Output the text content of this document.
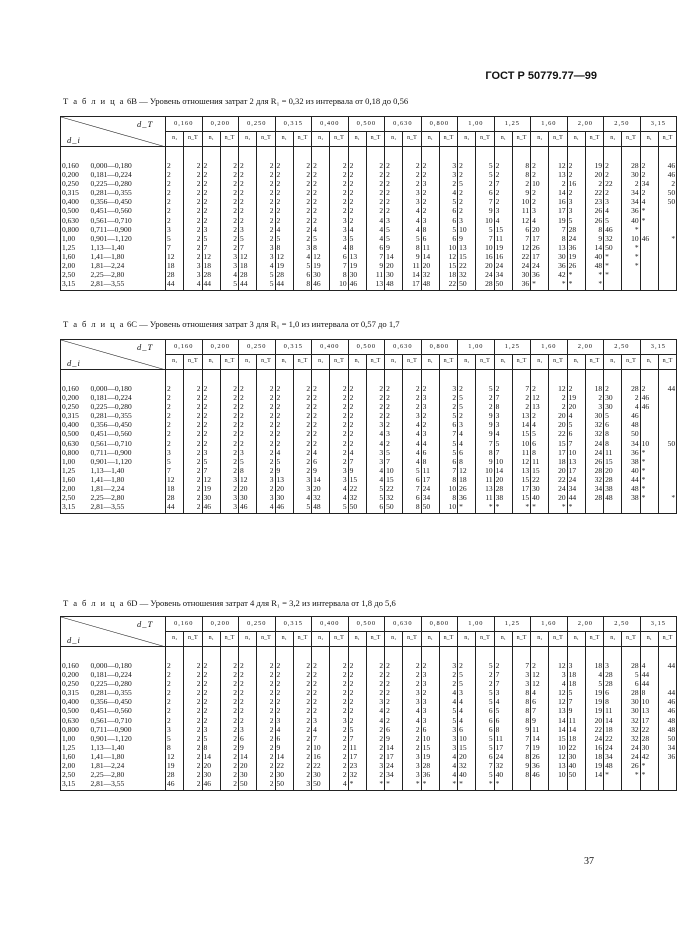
ГОСТ Р 50779.77—99
Т а б л и ц а 6В — Уровень отношения затрат 2 для R₁ = 0,32 из интервала от 0,18 до 0,56
d_T
d_i		0,160		0,200		0,250		0,315		0,400		0,500		0,630		0,800		1,00		1,25		1,60		2,00		2,50		3,15	
		n₁	n_T	n₁	n_T	n₁	n_T	n₁	n_T	n₁	n_T	n₁	n_T	n₁	n_T	n₁	n_T	n₁	n_T	n₁	n_T	n₁	n_T	n₁	n_T	n₁	n_T	n₁	n_T
0,160	0,000—0,180	2	2	2	2	2	2	2	2	2	2	2	2	2	2	2	3	2	5	2	8	2	12	2	19	2	28	2	46
0,200	0,181—0,224	2	2	2	2	2	2	2	2	2	2	2	2	2	2	2	3	2	5	2	8	2	13	2	20	2	30	2	46
0,250	0,225—0,280	2	2	2	2	2	2	2	2	2	2	2	2	2	2	3	2	5	2	7	2	10	2	16	2	22	2	34	2
0,315	0,281—0,355	2	2	2	2	2	2	2	2	2	2	2	2	2	3	2	4	2	6	2	9	2	14	2	22	2	34	2	50
0,400	0,356—0,450	2	2	2	2	2	2	2	2	2	2	2	2	2	3	2	5	2	7	2	10	2	16	3	23	3	34	4	50
0,500	0,451—0,560	2	2	2	2	2	2	2	2	2	2	2	2	2	4	2	6	2	9	3	11	3	17	3	26	4	36	*	
0,630	0,561—0,710	2	2	2	2	2	2	2	2	2	3	2	4	3	4	3	6	3	10	4	12	4	19	5	26	5	40	*	
0,800	0,711—0,900	3	2	3	2	3	2	4	2	4	3	4	4	5	4	8	5	10	5	15	6	20	7	28	8	46	*		
1,00	0,901—1,120	5	2	5	2	5	2	5	2	5	3	5	4	5	5	6	6	9	7	11	7	17	8	24	9	32	10	46	*
1,25	1,13—1,40	7	2	7	2	7	3	8	3	8	4	8	6	9	8	11	10	13	10	19	12	26	13	36	14	50	*		
1,60	1,41—1,80	12	2	12	3	12	3	12	4	12	6	13	7	14	9	14	12	15	16	16	22	17	30	19	40	*	*		
2,00	1,81—2,24	18	3	18	3	18	4	19	5	19	7	19	9	20	11	20	15	22	20	24	24	24	36	26	48	*	*		
2,50	2,25—2,80	28	3	28	4	28	5	28	6	30	8	30	11	30	14	32	18	32	24	34	30	36	42	*	*	*			
3,15	2,81—3,55	44	4	44	5	44	5	44	8	46	10	46	13	48	17	48	22	50	28	50	36	*	*	*	*				
Т а б л и ц а 6С — Уровень отношения затрат 3 для R₁ = 1,0 из интервала от 0,57 до 1,7
d_T
d_i		0,160		0,200		0,250		0,315		0,400		0,500		0,630		0,800		1,00		1,25		1,60		2,00		2,50		3,15	
		n₁	n_T	n₁	n_T	n₁	n_T	n₁	n_T	n₁	n_T	n₁	n_T	n₁	n_T	n₁	n_T	n₁	n_T	n₁	n_T	n₁	n_T	n₁	n_T	n₁	n_T	n₁	n_T
0,160	0,000—0,180	2	2	2	2	2	2	2	2	2	2	2	2	2	2	2	3	2	5	2	7	2	12	2	18	2	28	2	44
0,200	0,181—0,224	2	2	2	2	2	2	2	2	2	2	2	2	2	2	3	2	5	2	7	2	12	2	19	2	30	2	46	
0,250	0,225—0,280	2	2	2	2	2	2	2	2	2	2	2	2	2	2	3	2	5	2	8	2	13	2	20	3	30	4	46	
0,315	0,281—0,355	2	2	2	2	2	2	2	2	2	2	2	2	2	3	2	5	2	9	3	13	2	20	4	30	5	46		
0,400	0,356—0,450	2	2	2	2	2	2	2	2	2	2	2	3	2	4	2	6	3	9	3	14	4	20	5	32	6	48		
0,500	0,451—0,560	2	2	2	2	2	2	2	2	2	2	2	4	3	4	3	7	4	9	4	15	5	22	6	32	8	50		
0,630	0,561—0,710	2	2	2	2	2	2	2	2	2	2	2	4	2	4	4	5	4	7	5	10	6	15	7	24	8	34	10	50
0,800	0,711—0,900	3	2	3	2	3	2	4	2	4	2	4	3	5	4	6	5	6	8	7	11	8	17	10	24	11	36	*	
1,00	0,901—1,120	5	2	5	2	5	2	5	2	6	2	7	3	7	4	8	6	8	9	10	12	11	18	13	26	15	38	*	
1,25	1,13—1,40	7	2	7	2	8	2	9	2	9	3	9	4	10	5	11	7	12	10	14	13	15	20	17	28	20	40	*	
1,60	1,41—1,80	12	2	12	3	12	3	13	3	14	3	15	4	15	6	17	8	18	11	20	15	22	22	24	32	28	44	*	
2,00	1,81—2,24	18	2	19	2	20	2	20	3	20	4	22	5	22	7	24	10	26	13	28	17	30	24	34	34	38	48	*	
2,50	2,25—2,80	28	2	30	3	30	3	30	4	32	4	32	5	32	6	34	8	36	11	38	15	40	20	44	28	48	38	*	*
3,15	2,81—3,55	44	2	46	3	46	4	46	5	48	5	50	6	50	8	50	10	*	*	*	*	*	*	*					
Т а б л и ц а 6D — Уровень отношения затрат 4 для R₁ = 3,2 из интервала от 1,8 до 5,6
d_T
d_i		0,160		0,200		0,250		0,315		0,400		0,500		0,630		0,800		1,00		1,25		1,60		2,00		2,50		3,15	
		n₁	n_T	n₁	n_T	n₁	n_T	n₁	n_T	n₁	n_T	n₁	n_T	n₁	n_T	n₁	n_T	n₁	n_T	n₁	n_T	n₁	n_T	n₁	n_T	n₁	n_T	n₁	n_T
0,160	0,000—0,180	2	2	2	2	2	2	2	2	2	2	2	2	2	2	2	3	2	5	2	7	2	12	3	18	3	28	4	44
0,200	0,181—0,224	2	2	2	2	2	2	2	2	2	2	2	2	2	2	3	2	5	2	7	3	12	3	18	4	28	5	44	
0,250	0,225—0,280	2	2	2	2	2	2	2	2	2	2	2	2	2	2	3	2	5	2	7	3	12	4	18	5	28	6	44	
0,315	0,281—0,355	2	2	2	2	2	2	2	2	2	2	2	2	2	3	2	4	3	5	3	8	4	12	5	19	6	28	8	44
0,400	0,356—0,450	2	2	2	2	2	2	2	2	2	2	2	3	2	3	3	4	4	5	4	8	6	12	7	19	8	30	10	46
0,500	0,451—0,560	2	2	2	2	2	2	2	2	2	2	2	4	2	4	3	5	4	6	5	8	7	13	9	19	11	30	13	46
0,630	0,561—0,710	2	2	2	2	2	2	3	2	3	3	2	4	2	4	3	5	4	6	6	8	9	14	11	20	14	32	17	48
0,800	0,711—0,900	3	2	3	2	3	2	4	2	4	2	5	2	6	2	6	3	6	6	8	9	11	14	14	22	18	32	22	48
1,00	0,901—1,120	5	2	5	2	6	2	6	2	7	2	7	2	9	2	10	3	10	5	11	7	14	15	18	24	22	32	28	50
1,25	1,13—1,40	8	2	8	2	9	2	9	2	10	2	11	2	14	2	15	3	15	5	17	7	19	10	22	16	24	24	30	34
1,60	1,41—1,80	12	2	14	2	14	2	14	2	16	2	17	2	17	3	19	4	20	6	24	8	26	12	30	18	34	24	42	36
2,00	1,81—2,24	19	2	20	2	20	2	22	2	22	2	23	3	24	3	28	4	32	7	32	9	36	13	40	19	48	26	*	
2,50	2,25—2,80	28	2	30	2	30	2	30	2	30	2	32	2	34	3	36	4	40	5	40	8	46	10	50	14	*	*	*	
3,15	2,81—3,55	46	2	46	2	50	2	50	3	50	4	*	*	*	*	*	*	*	*	*									
37
